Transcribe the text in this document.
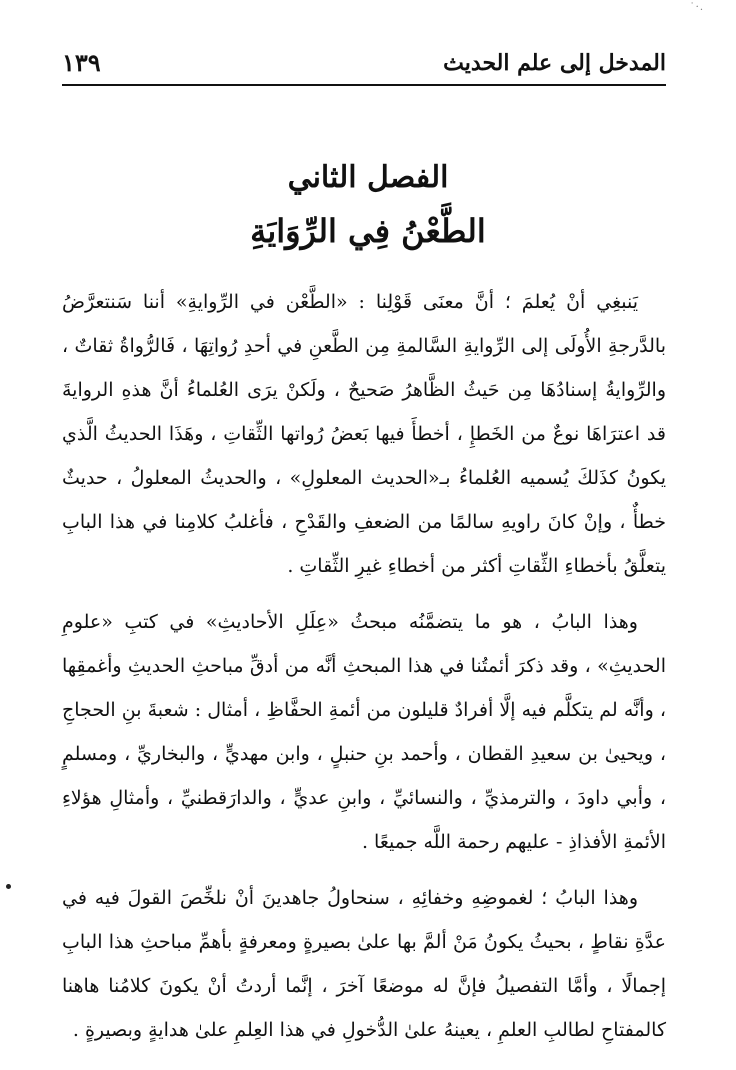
˙·.
المدخل إلى علم الحديث
١٣٩
الفصل الثاني
الطَّعْنُ فِي الرِّوَايَةِ

يَنبغِي أنْ يُعلمَ ؛ أنَّ معنَى قَوْلِنا : «الطَّعْن في الرِّوايةِ» أننا سَنتعرَّضُ بالدَّرجةِ الأُولَى إلى الرِّوايةِ السَّالمةِ مِن الطَّعنِ في أحدِ رُواتِهَا ، فَالرُّواةُ ثقاتٌ ، والرِّوايةُ إسنادُهَا مِن حَيثُ الظَّاهرُ صَحيحٌ ، ولَكنْ يرَى العُلماءُ أنَّ هذهِ الروايةَ قد اعترَاهَا نوعٌ من الخَطإِ ، أخطأَ فيها بَعضُ رُواتها الثِّقاتِ ، وهَذَا الحديثُ الَّذي يكونُ كذَلكَ يُسميه العُلماءُ بـ«الحديث المعلولِ» ، والحديثُ المعلولُ ، حديثٌ خطأٌ ، وإنْ كانَ راويهِ سالمًا من الضعفِ والقَدْحِ ، فأغلبُ كلامِنا في هذا البابِ يتعلَّقُ بأخطاءِ الثِّقاتِ أكثر من أخطاءِ غيرِ الثِّقاتِ .

وهذا البابُ ، هو ما يتضمَّنُه مبحثُ «عِلَلِ الأحاديثِ» في كتبِ «علومِ الحديثِ» ، وقد ذكرَ أئمتُنا في هذا المبحثِ أنَّه من أدقِّ مباحثِ الحديثِ وأغمقِها ، وأنَّه لم يتكلَّم فيه إلَّا أفرادٌ قليلون من أئمةِ الحفَّاظِ ، أمثال : شعبةَ بنِ الحجاجِ ، ويحيىٰ بن سعيدِ القطان ، وأحمد بنِ حنبلٍ ، وابن مهديٍّ ، والبخاريِّ ، ومسلمٍ ، وأبي داودَ ، والترمذيِّ ، والنسائيِّ ، وابنِ عديٍّ ، والدارَقطنيِّ ، وأمثالِ هؤلاءِ الأئمةِ الأفذاذِ - عليهم رحمة اللَّه جميعًا .

وهذا البابُ ؛ لغموضِهِ وخفائِهِ ، سنحاولُ جاهدينَ أنْ نلخِّصَ القولَ فيه في عدَّةِ نقاطٍ ، بحيثُ يكونُ مَنْ ألمَّ بها علىٰ بصيرةٍ ومعرفةٍ بأهمِّ مباحثِ هذا البابِ إجمالًا ، وأمَّا التفصيلُ فإنَّ له موضعًا آخرَ ، إنَّما أردتُ أنْ يكونَ كلامُنا هاهنا كالمفتاحِ لطالبِ العلمِ ، يعينهُ علىٰ الدُّخولِ في هذا العِلمِ علىٰ هدايةٍ وبصيرةٍ .
